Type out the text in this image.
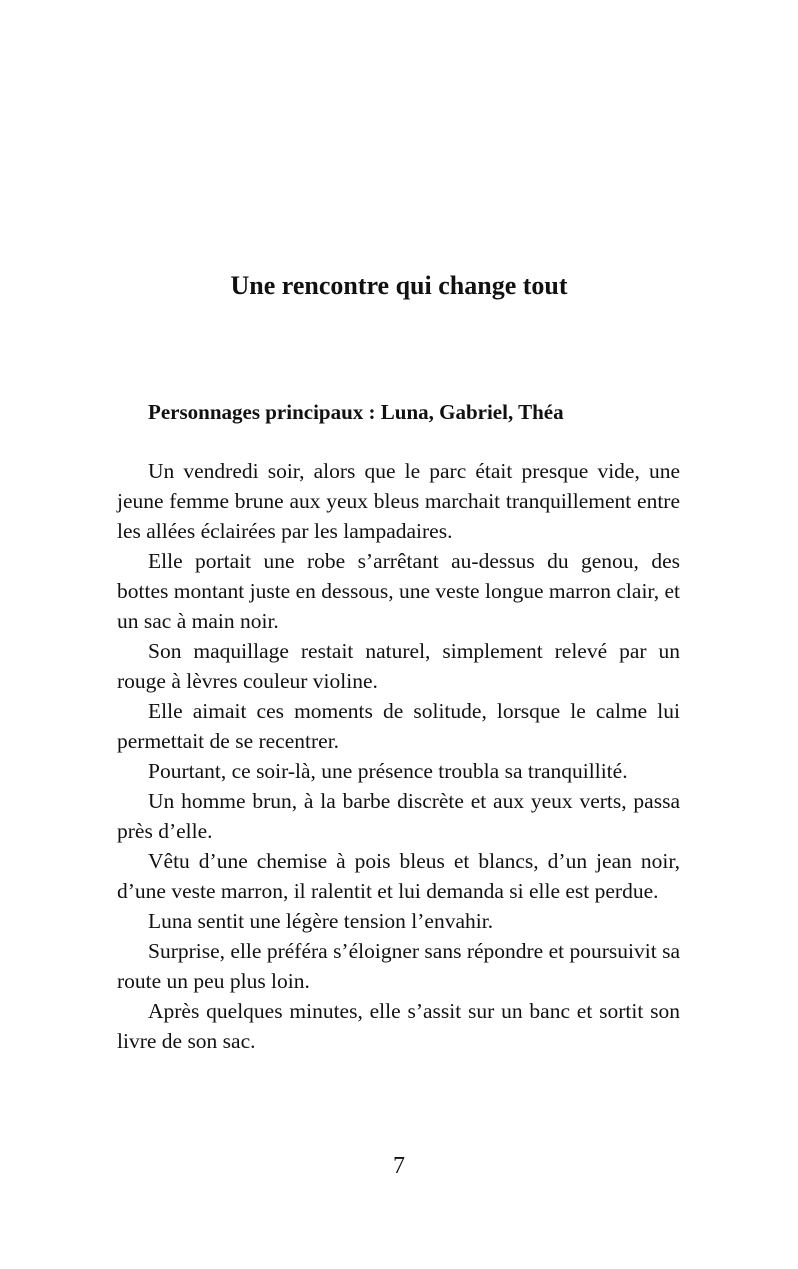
Une rencontre qui change tout
Personnages principaux : Luna, Gabriel, Théa

Un vendredi soir, alors que le parc était presque vide, une jeune femme brune aux yeux bleus marchait tranquillement entre les allées éclairées par les lampadaires.

Elle portait une robe s’arrêtant au-dessus du genou, des bottes montant juste en dessous, une veste longue marron clair, et un sac à main noir.

Son maquillage restait naturel, simplement relevé par un rouge à lèvres couleur violine.

Elle aimait ces moments de solitude, lorsque le calme lui permettait de se recentrer.

Pourtant, ce soir-là, une présence troubla sa tranquillité.

Un homme brun, à la barbe discrète et aux yeux verts, passa près d’elle.

Vêtu d’une chemise à pois bleus et blancs, d’un jean noir, d’une veste marron, il ralentit et lui demanda si elle est perdue.

Luna sentit une légère tension l’envahir.

Surprise, elle préféra s’éloigner sans répondre et poursuivit sa route un peu plus loin.

Après quelques minutes, elle s’assit sur un banc et sortit son livre de son sac.

7
